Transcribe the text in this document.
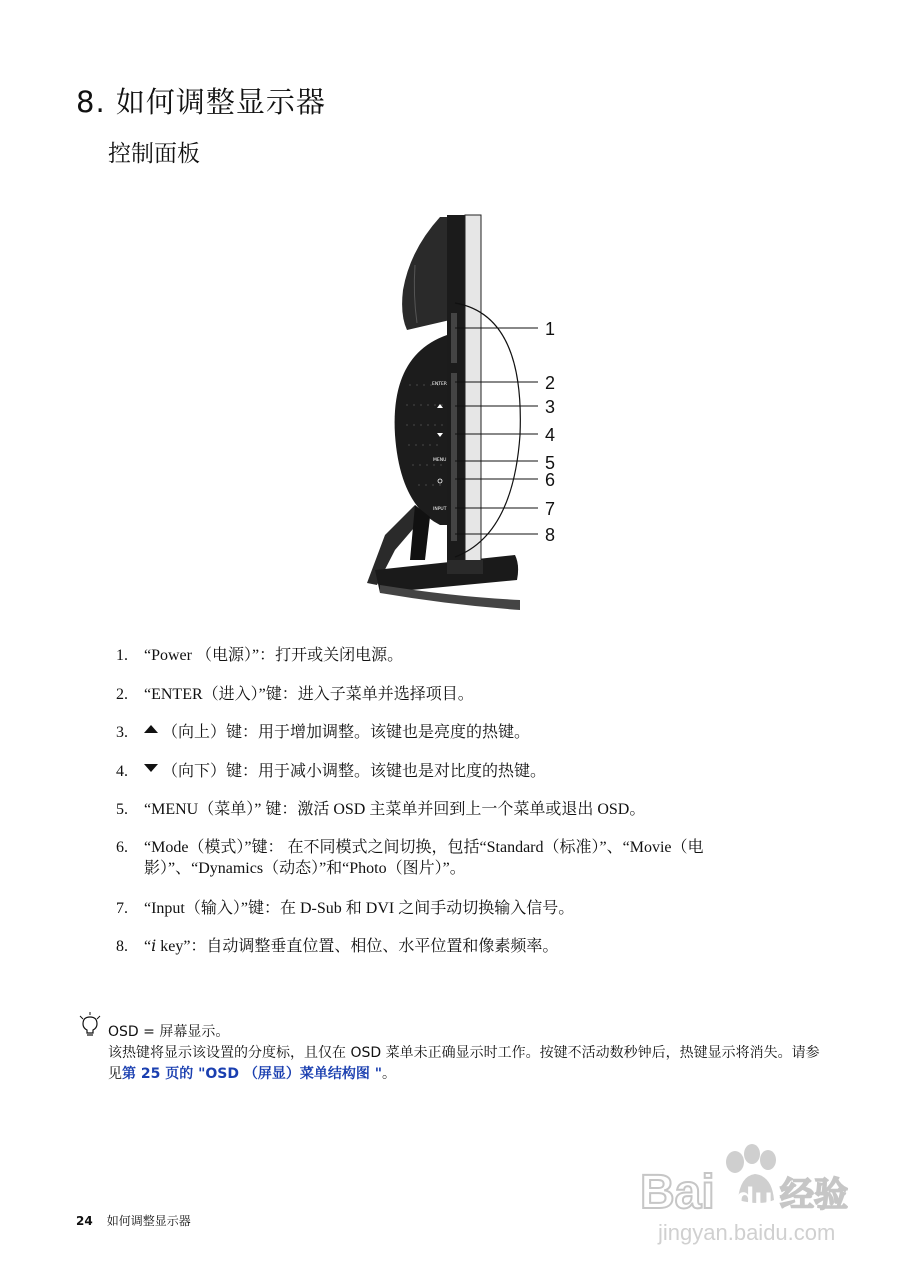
8. 如何调整显示器
控制面板
ENTER
MENU
INPUT
1
2
3
4
5
6
7
8
1. “Power （电源）”：打开或关闭电源。
2. “ENTER（进入）”键：进入子菜单并选择项目。
3.	（向上）键：用于增加调整。该键也是亮度的热键。
4.	（向下）键：用于减小调整。该键也是对比度的热键。
5. “MENU（菜单）” 键：激活 OSD 主菜单并回到上一个菜单或退出 OSD。
6. “Mode（模式）”键： 在不同模式之间切换，包括“Standard（标准）”、“Movie（电影）”、“Dynamics（动态）”和“Photo（图片）”。
7. “Input（输入）”键：在 D-Sub 和 DVI 之间手动切换输入信号。
8. “𝑖 key”：自动调整垂直位置、相位、水平位置和像素频率。
OSD = 屏幕显示。
该热键将显示该设置的分度标，且仅在 OSD 菜单未正确显示时工作。按键不活动数秒钟后，热键显示将消失。请参见第 25 页的 "OSD （屏显）菜单结构图 "。
24 如何调整显示器
Bai du 经验
jingyan.baidu.com
